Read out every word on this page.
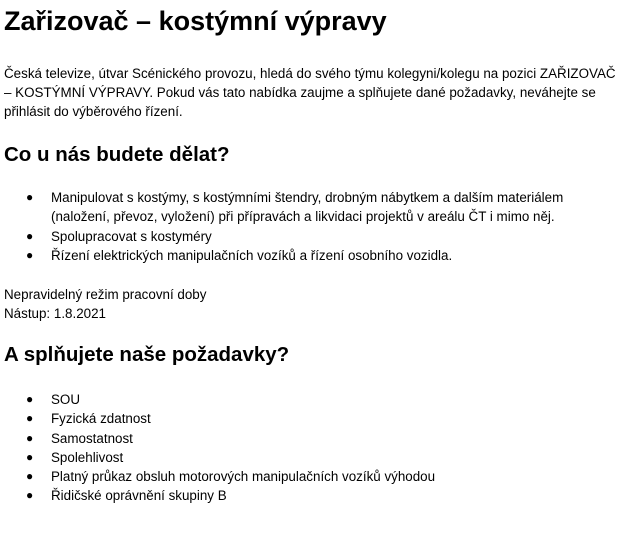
Zařizovač – kostýmní výpravy

Česká televize, útvar Scénického provozu, hledá do svého týmu kolegyni/kolegu na pozici ZAŘIZOVAČ – KOSTÝMNÍ VÝPRAVY. Pokud vás tato nabídka zaujme a splňujete dané požadavky, neváhejte se přihlásit do výběrového řízení.

Co u nás budete dělat?
● Manipulovat s kostýmy, s kostýmními štendry, drobným nábytkem a dalším materiálem (naložení, převoz, vyložení) při přípravách a likvidaci projektů v areálu ČT i mimo něj.
● Spolupracovat s kostyméry
● Řízení elektrických manipulačních vozíků a řízení osobního vozidla.

Nepravidelný režim pracovní doby
Nástup: 1.8.2021

A splňujete naše požadavky?
● SOU
● Fyzická zdatnost
● Samostatnost
● Spolehlivost
● Platný průkaz obsluh motorových manipulačních vozíků výhodou
● Řidičské oprávnění skupiny B
